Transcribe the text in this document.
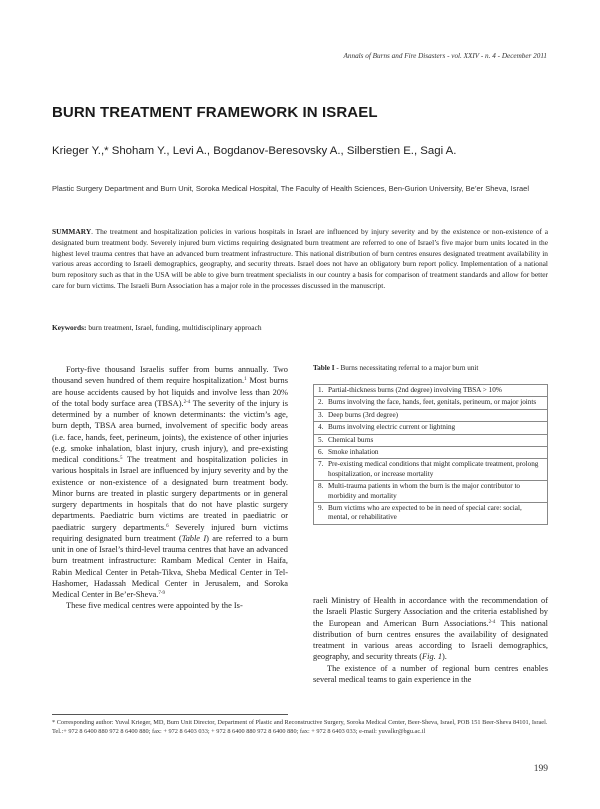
Annals of Burns and Fire Disasters - vol. XXIV - n. 4 - December 2011
BURN TREATMENT FRAMEWORK IN ISRAEL
Krieger Y.,* Shoham Y., Levi A., Bogdanov-Beresovsky A., Silberstien E., Sagi A.
Plastic Surgery Department and Burn Unit, Soroka Medical Hospital, The Faculty of Health Sciences, Ben-Gurion University, Be’er Sheva, Israel
SUMMARY. The treatment and hospitalization policies in various hospitals in Israel are influenced by injury severity and by the existence or non-existence of a designated burn treatment body. Severely injured burn victims requiring designated burn treatment are referred to one of Israel’s five major burn units located in the highest level trauma centres that have an advanced burn treatment infrastructure. This national distribution of burn centres ensures designated treatment availability in various areas according to Israeli demographics, geography, and security threats. Israel does not have an obligatory burn report policy. Implementation of a national burn repository such as that in the USA will be able to give burn treatment specialists in our country a basis for comparison of treatment standards and allow for better care for burn victims. The Israeli Burn Association has a major role in the processes discussed in the manuscript.
Keywords: burn treatment, Israel, funding, multidisciplinary approach

Forty-five thousand Israelis suffer from burns annually. Two thousand seven hundred of them require hospitalization.$^1$ Most burns are house accidents caused by hot liquids and involve less than 20% of the total body surface area (TBSA).$^{2-4}$ The severity of the injury is determined by a number of known determinants: the victim’s age, burn depth, TBSA area burned, involvement of specific body areas (i.e. face, hands, feet, perineum, joints), the existence of other injuries (e.g. smoke inhalation, blast injury, crush injury), and pre-existing medical conditions.$^5$ The treatment and hospitalization policies in various hospitals in Israel are influenced by injury severity and by the existence or non-existence of a designated burn treatment body. Minor burns are treated in plastic surgery departments or in general surgery departments in hospitals that do not have plastic surgery departments. Paediatric burn victims are treated in paediatric or paediatric surgery departments.$^6$ Severely injured burn victims requiring designated burn treatment (Table I) are referred to a burn unit in one of Israel’s third-level trauma centres that have an advanced burn treatment infrastructure: Rambam Medical Center in Haifa, Rabin Medical Center in Petah-Tikva, Sheba Medical Center in Tel-Hashomer, Hadassah Medical Center in Jerusalem, and Soroka Medical Center in Be’er-Sheva.$^{7-9}$

These five medical centres were appointed by the Is-

Table I - Burns necessitating referral to a major burn unit
1. Partial-thickness burns (2nd degree) involving TBSA > 10%
2. Burns involving the face, hands, feet, genitals, perineum, or major joints
3. Deep burns (3rd degree)
4. Burns involving electric current or lightning
5. Chemical burns
6. Smoke inhalation
7. Pre-existing medical conditions that might complicate treatment, prolong hospitalization, or increase mortality
8. Multi-trauma patients in whom the burn is the major contributor to morbidity and mortality
9. Burn victims who are expected to be in need of special care: social, mental, or rehabilitative

raeli Ministry of Health in accordance with the recommendation of the Israeli Plastic Surgery Association and the criteria established by the European and American Burn Associations.$^{2-4}$ This national distribution of burn centres ensures the availability of designated treatment in various areas according to Israeli demographics, geography, and security threats (Fig. 1).

The existence of a number of regional burn centres enables several medical teams to gain experience in the

* Corresponding author: Yuval Krieger, MD, Burn Unit Director, Department of Plastic and Reconstructive Surgery, Soroka Medical Center, Beer-Sheva, Israel, POB 151 Beer-Sheva 84101, Israel. Tel.:+ 972 8 6400 880 972 8 6400 880; fax: + 972 8 6403 033; + 972 8 6400 880 972 8 6400 880; fax: + 972 8 6403 033; e-mail: yuvalkr@bgu.ac.il
199
